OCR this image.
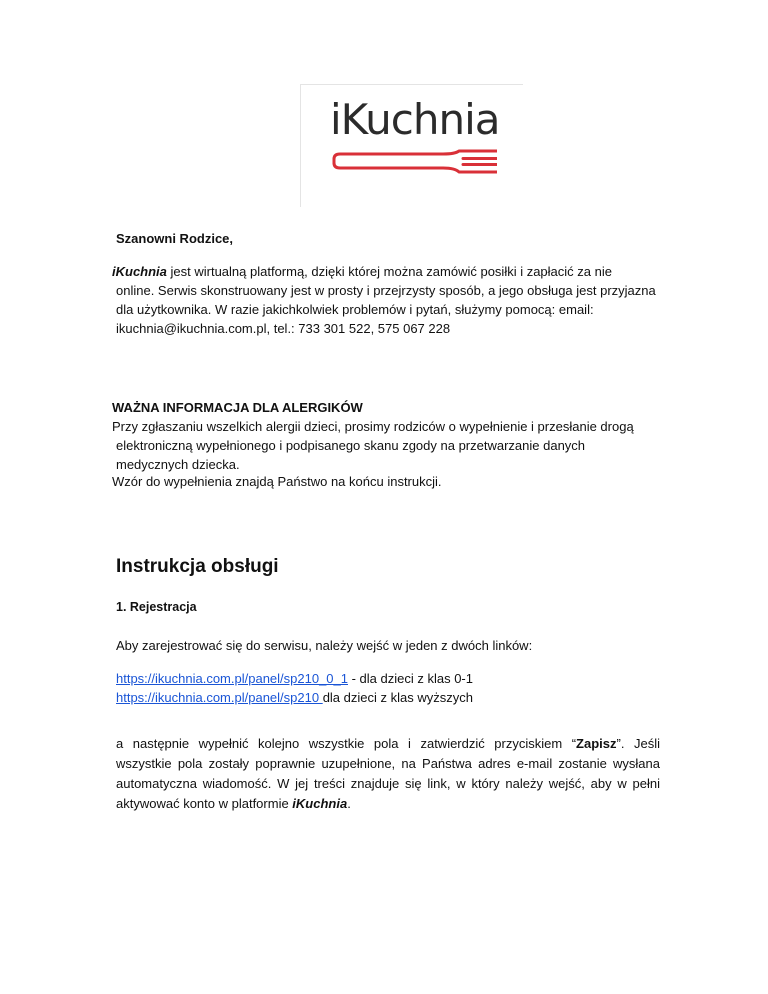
iKuchnia
Szanowni Rodzice,
iKuchnia jest wirtualną platformą, dzięki której można zamówić posiłki i zapłacić za nie
online. Serwis skonstruowany jest w prosty i przejrzysty sposób, a jego obsługa jest przyjazna
dla użytkownika. W razie jakichkolwiek problemów i pytań, służymy pomocą: email:
ikuchnia@ikuchnia.com.pl, tel.: 733 301 522, 575 067 228
WAŻNA INFORMACJA DLA ALERGIKÓW
Przy zgłaszaniu wszelkich alergii dzieci, prosimy rodziców o wypełnienie i przesłanie drogą
elektroniczną wypełnionego i podpisanego skanu zgody na przetwarzanie danych
medycznych dziecka.
Wzór do wypełnienia znajdą Państwo na końcu instrukcji.
Instrukcja obsługi
1. Rejestracja
Aby zarejestrować się do serwisu, należy wejść w jeden z dwóch linków:
https://ikuchnia.com.pl/panel/sp210_0_1 - dla dzieci z klas 0-1
https://ikuchnia.com.pl/panel/sp210 dla dzieci z klas wyższych
a następnie wypełnić kolejno wszystkie pola i zatwierdzić przyciskiem “Zapisz”. Jeśli
wszystkie pola zostały poprawnie uzupełnione, na Państwa adres e-mail zostanie wysłana
automatyczna wiadomość. W jej treści znajduje się link, w który należy wejść, aby w pełni
aktywować konto w platformie iKuchnia.
